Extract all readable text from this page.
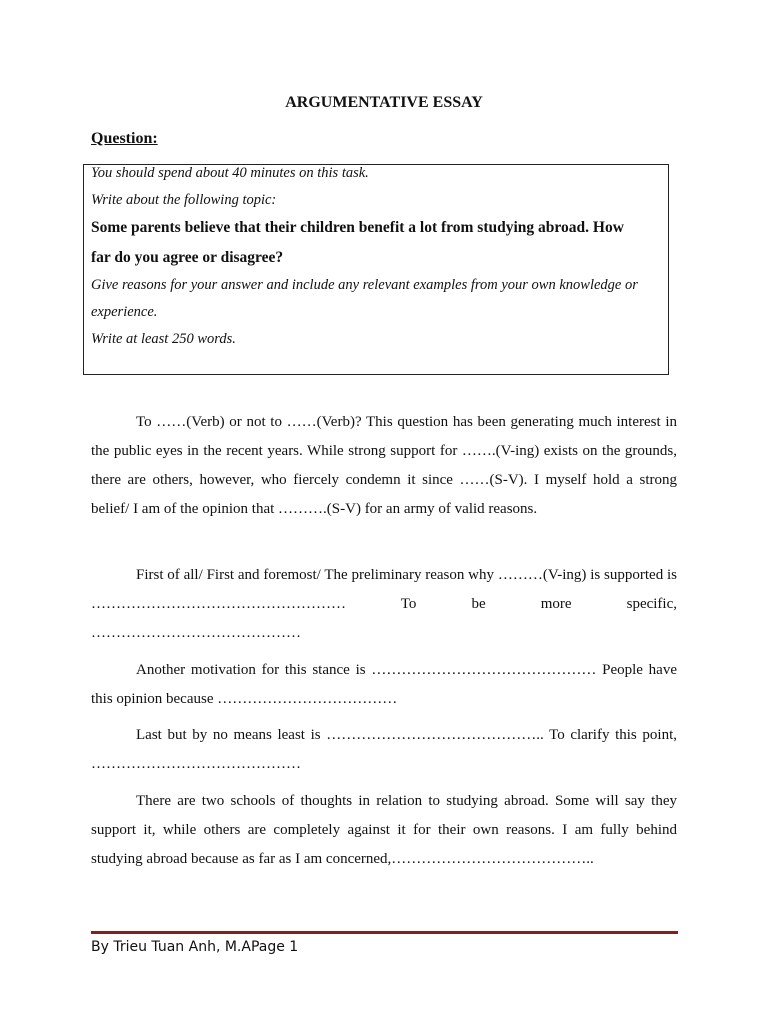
ARGUMENTATIVE ESSAY
Question:
You should spend about 40 minutes on this task.
Write about the following topic:
Some parents believe that their children benefit a lot from studying abroad. How
far do you agree or disagree?
Give reasons for your answer and include any relevant examples from your own knowledge or
experience.
Write at least 250 words.

To ……(Verb) or not to ……(Verb)? This question has been generating much interest in the public eyes in the recent years. While strong support for …….(V-ing) exists on the grounds, there are others, however, who fiercely condemn it since ……(S-V). I myself hold a strong belief/ I am of the opinion that ……….(S-V) for an army of valid reasons.

First of all/ First and foremost/ The preliminary reason why ………(V-ing) is supported is …………………………………………… To be more specific, ……………………………………

Another motivation for this stance is ……………………………………… People have this opinion because ………………………………

Last but by no means least is …………………………………….. To clarify this point, ……………………………………

There are two schools of thoughts in relation to studying abroad. Some will say they support it, while others are completely against it for their own reasons. I am fully behind studying abroad because as far as I am concerned,…………………………………..

By Trieu Tuan Anh, M.APage 1
